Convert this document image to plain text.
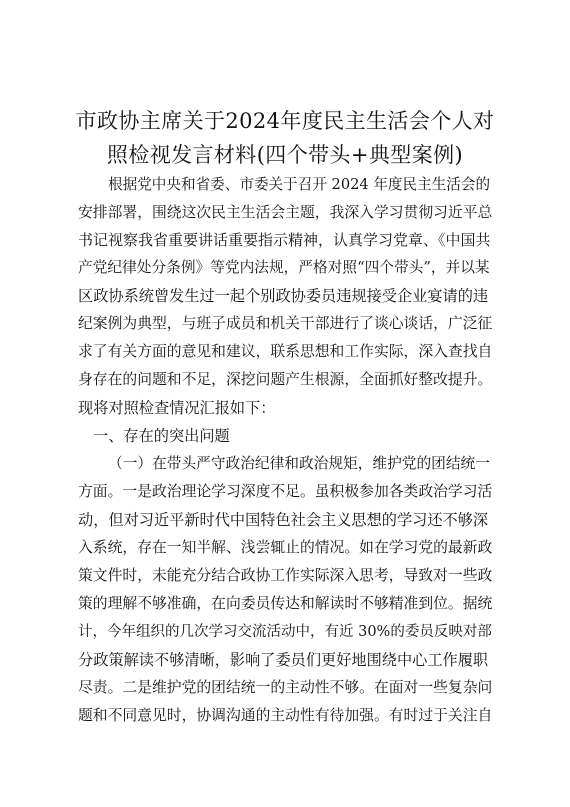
市政协主席关于2024年度民主生活会个人对
照检视发言材料(四个带头+典型案例)
根据党中央和省委、市委关于召开 2024 年度民主生活会的
安排部署，围绕这次民主生活会主题，我深入学习贯彻习近平总
书记视察我省重要讲话重要指示精神，认真学习党章、《中国共
产党纪律处分条例》等党内法规，严格对照“四个带头”，并以某
区政协系统曾发生过一起个别政协委员违规接受企业宴请的违
纪案例为典型，与班子成员和机关干部进行了谈心谈话，广泛征
求了有关方面的意见和建议，联系思想和工作实际，深入查找自
身存在的问题和不足，深挖问题产生根源，全面抓好整改提升。
现将对照检查情况汇报如下：
一、存在的突出问题
（一）在带头严守政治纪律和政治规矩，维护党的团结统一
方面。一是政治理论学习深度不足。虽积极参加各类政治学习活
动，但对习近平新时代中国特色社会主义思想的学习还不够深
入系统，存在一知半解、浅尝辄止的情况。如在学习党的最新政
策文件时，未能充分结合政协工作实际深入思考，导致对一些政
策的理解不够准确，在向委员传达和解读时不够精准到位。据统
计，今年组织的几次学习交流活动中，有近 30%的委员反映对部
分政策解读不够清晰，影响了委员们更好地围绕中心工作履职
尽责。二是维护党的团结统一的主动性不够。在面对一些复杂问
题和不同意见时，协调沟通的主动性有待加强。有时过于关注自
